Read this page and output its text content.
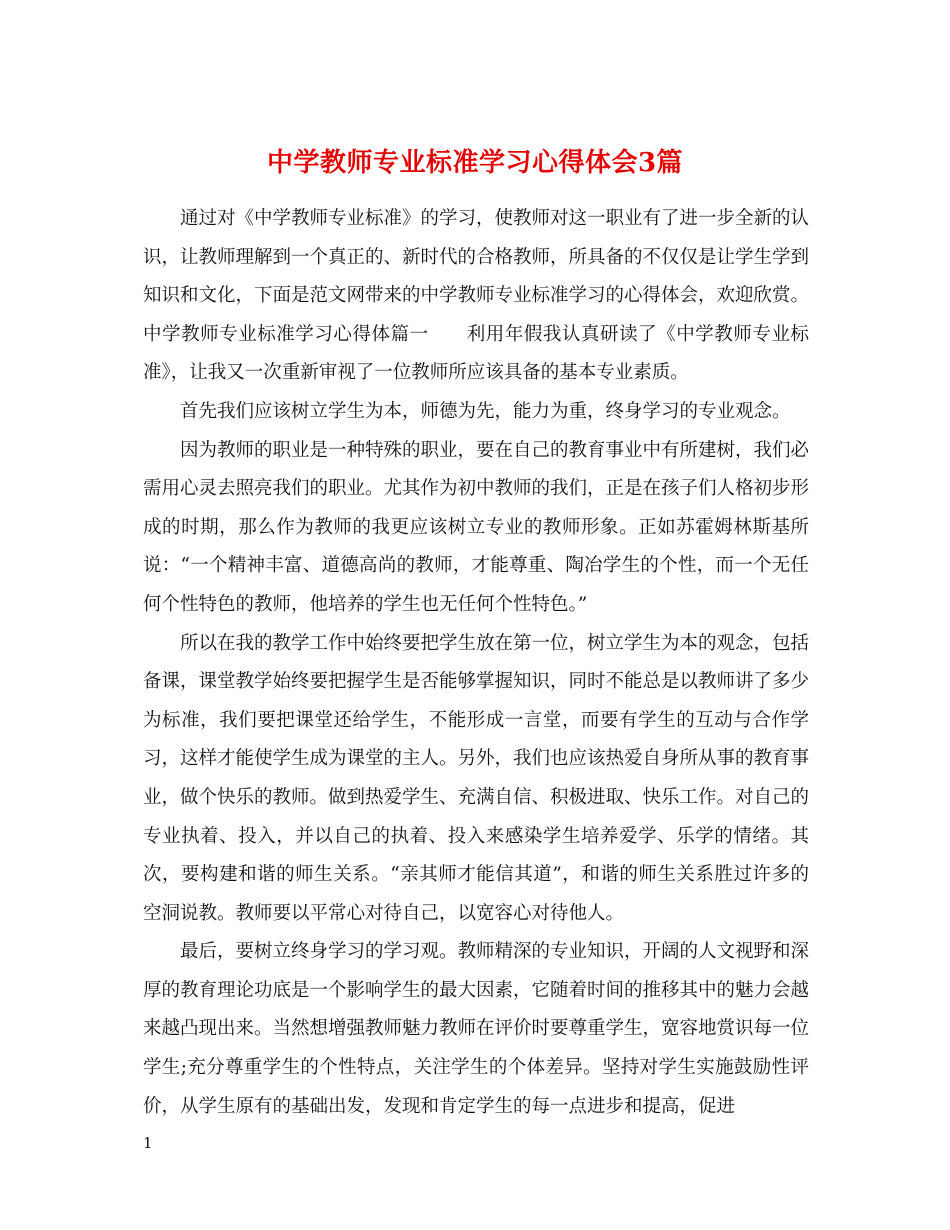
中学教师专业标准学习心得体会3篇

通过对《中学教师专业标准》的学习，使教师对这一职业有了进一步全新的认识，让教师理解到一个真正的、新时代的合格教师，所具备的不仅仅是让学生学到知识和文化，下面是范文网带来的中学教师专业标准学习的心得体会，欢迎欣赏。

中学教师专业标准学习心得体篇一　　利用年假我认真研读了《中学教师专业标准》，让我又一次重新审视了一位教师所应该具备的基本专业素质。

首先我们应该树立学生为本，师德为先，能力为重，终身学习的专业观念。

因为教师的职业是一种特殊的职业，要在自己的教育事业中有所建树，我们必需用心灵去照亮我们的职业。尤其作为初中教师的我们，正是在孩子们人格初步形成的时期，那么作为教师的我更应该树立专业的教师形象。正如苏霍姆林斯基所说：“一个精神丰富、道德高尚的教师，才能尊重、陶冶学生的个性，而一个无任何个性特色的教师，他培养的学生也无任何个性特色。”

所以在我的教学工作中始终要把学生放在第一位，树立学生为本的观念，包括备课，课堂教学始终要把握学生是否能够掌握知识，同时不能总是以教师讲了多少为标准，我们要把课堂还给学生，不能形成一言堂，而要有学生的互动与合作学习，这样才能使学生成为课堂的主人。另外，我们也应该热爱自身所从事的教育事业，做个快乐的教师。做到热爱学生、充满自信、积极进取、快乐工作。对自己的专业执着、投入，并以自己的执着、投入来感染学生培养爱学、乐学的情绪。其次，要构建和谐的师生关系。“亲其师才能信其道”，和谐的师生关系胜过许多的空洞说教。教师要以平常心对待自己，以宽容心对待他人。

最后，要树立终身学习的学习观。教师精深的专业知识，开阔的人文视野和深厚的教育理论功底是一个影响学生的最大因素，它随着时间的推移其中的魅力会越来越凸现出来。当然想增强教师魅力教师在评价时要尊重学生，宽容地赏识每一位学生;充分尊重学生的个性特点，关注学生的个体差异。坚持对学生实施鼓励性评价，从学生原有的基础出发，发现和肯定学生的每一点进步和提高，促进

1
